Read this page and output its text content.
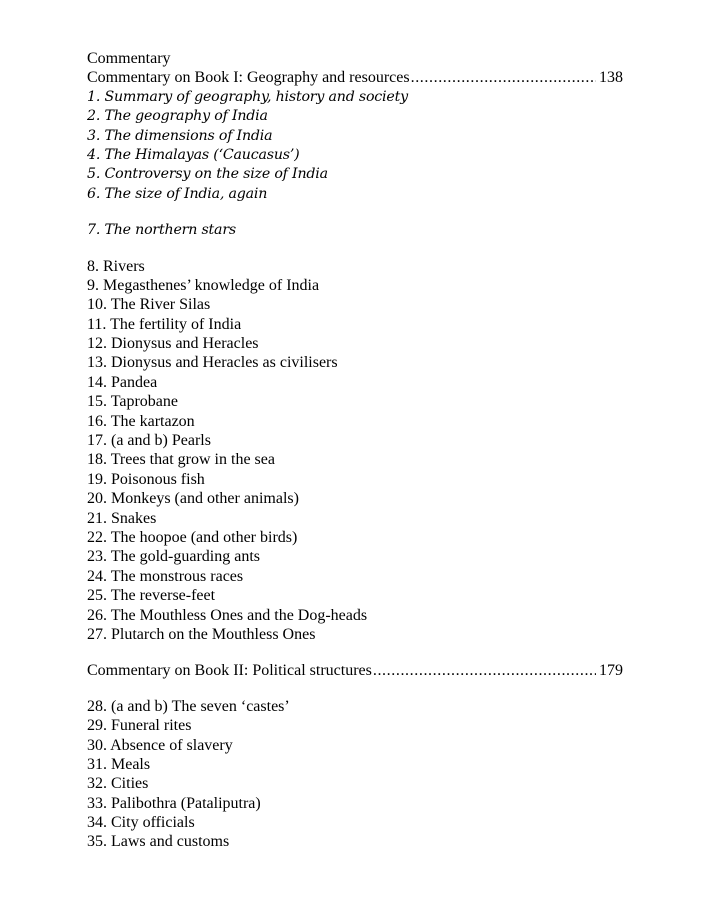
Commentary
Commentary on Book I: Geography and resources .....	138
1. Summary of geography, history and society
2. The geography of India
3. The dimensions of India
4. The Himalayas (‘Caucasus’)
5. Controversy on the size of India
6. The size of India, again
7. The northern stars
8. Rivers
9. Megasthenes’ knowledge of India
10. The River Silas
11. The fertility of India
12. Dionysus and Heracles
13. Dionysus and Heracles as civilisers
14. Pandea
15. Taprobane
16. The kartazon
17. (a and b) Pearls
18. Trees that grow in the sea
19. Poisonous fish
20. Monkeys (and other animals)
21. Snakes
22. The hoopoe (and other birds)
23. The gold-guarding ants
24. The monstrous races
25. The reverse-feet
26. The Mouthless Ones and the Dog-heads
27. Plutarch on the Mouthless Ones
Commentary on Book II: Political structures .....	179
28. (a and b) The seven ‘castes’
29. Funeral rites
30. Absence of slavery
31. Meals
32. Cities
33. Palibothra (Pataliputra)
34. City officials
35. Laws and customs
